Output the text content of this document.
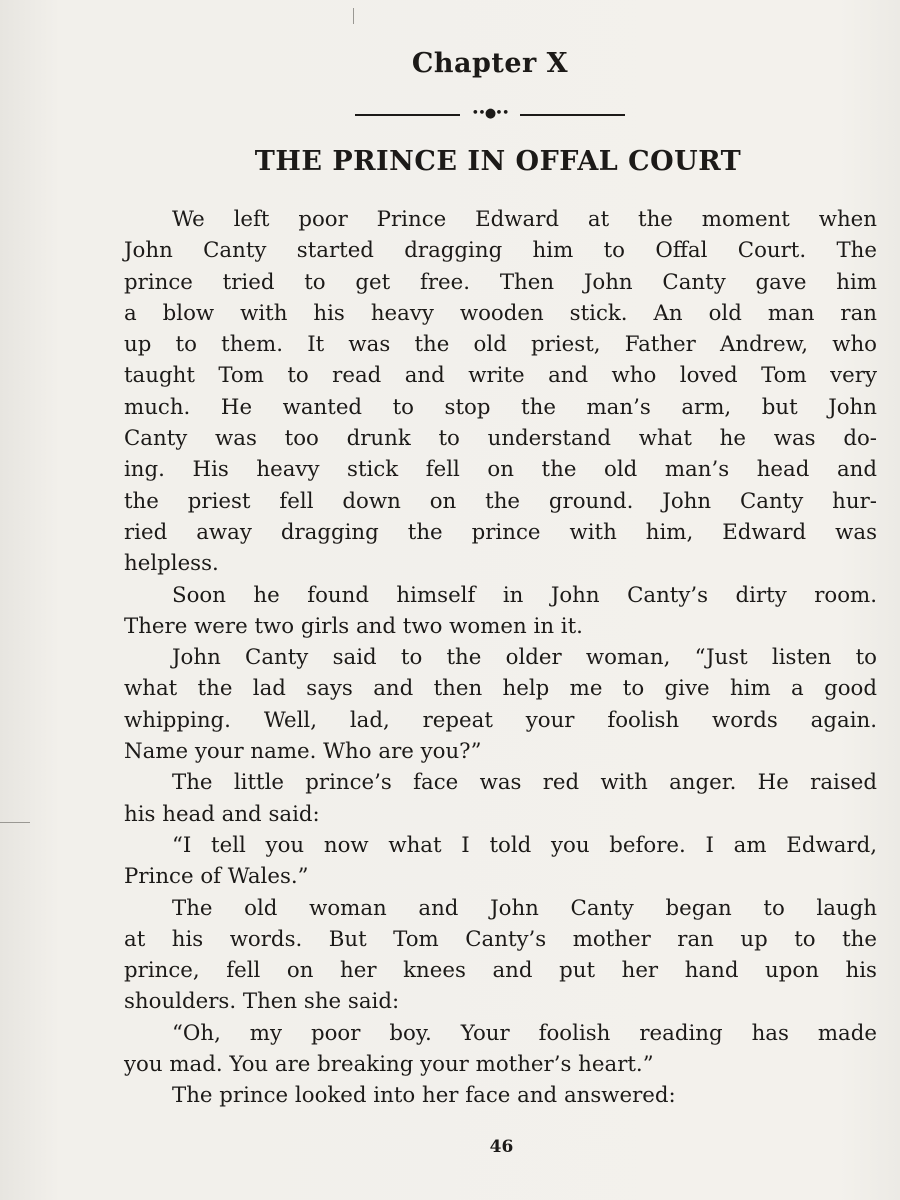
Chapter X
••●••
THE PRINCE IN OFFAL COURT

We left poor Prince Edward at the moment when
John Canty started dragging him to Offal Court. The
prince tried to get free. Then John Canty gave him
a blow with his heavy wooden stick. An old man ran
up to them. It was the old priest, Father Andrew, who
taught Tom to read and write and who loved Tom very
much. He wanted to stop the man’s arm, but John
Canty was too drunk to understand what he was do-
ing. His heavy stick fell on the old man’s head and
the priest fell down on the ground. John Canty hur-
ried away dragging the prince with him, Edward was
helpless.

Soon he found himself in John Canty’s dirty room.
There were two girls and two women in it.

John Canty said to the older woman, “Just listen to
what the lad says and then help me to give him a good
whipping. Well, lad, repeat your foolish words again.
Name your name. Who are you?”

The little prince’s face was red with anger. He raised
his head and said:

“I tell you now what I told you before. I am Edward,
Prince of Wales.”

The old woman and John Canty began to laugh
at his words. But Tom Canty’s mother ran up to the
prince, fell on her knees and put her hand upon his
shoulders. Then she said:

“Oh, my poor boy. Your foolish reading has made
you mad. You are breaking your mother’s heart.”

The prince looked into her face and answered:

46
